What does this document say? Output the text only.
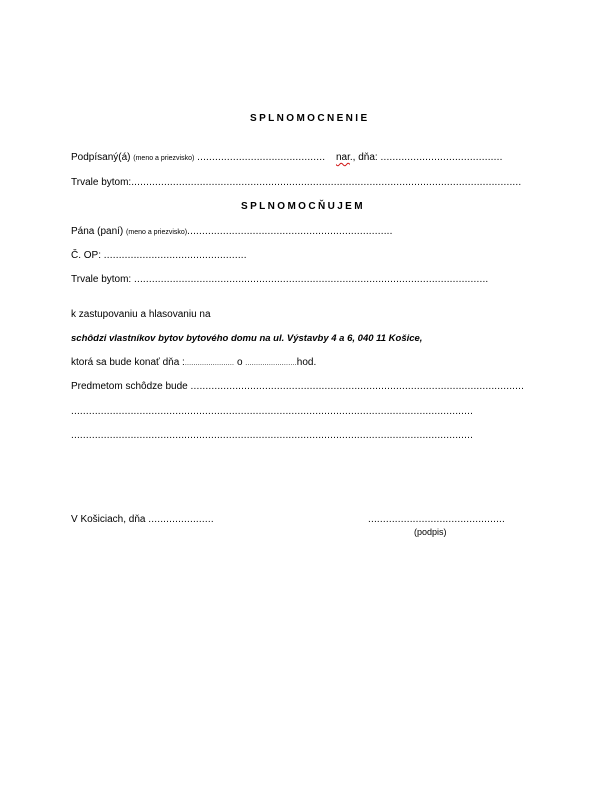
SPLNOMOCNENIE
Podpísaný(á) (meno a priezvisko) ........................................... nar., dňa: .........................................
Trvale bytom:...................................................................................................................................
SPLNOMOCŇUJEM
Pána (paní) (meno a priezvisko).....................................................................
Č. OP: ................................................
Trvale bytom: .......................................................................................................................
k zastupovaniu a hlasovaniu na
schôdzi vlastníkov bytov bytového domu na ul. Výstavby 4 a 6, 040 11 Košice,
ktorá sa bude konať dňa :....................... o ........................hod.
Predmetom schôdze bude ................................................................................................................
.......................................................................................................................................
.......................................................................................................................................
V Košiciach, dňa ......................	..............................................
(podpis)
